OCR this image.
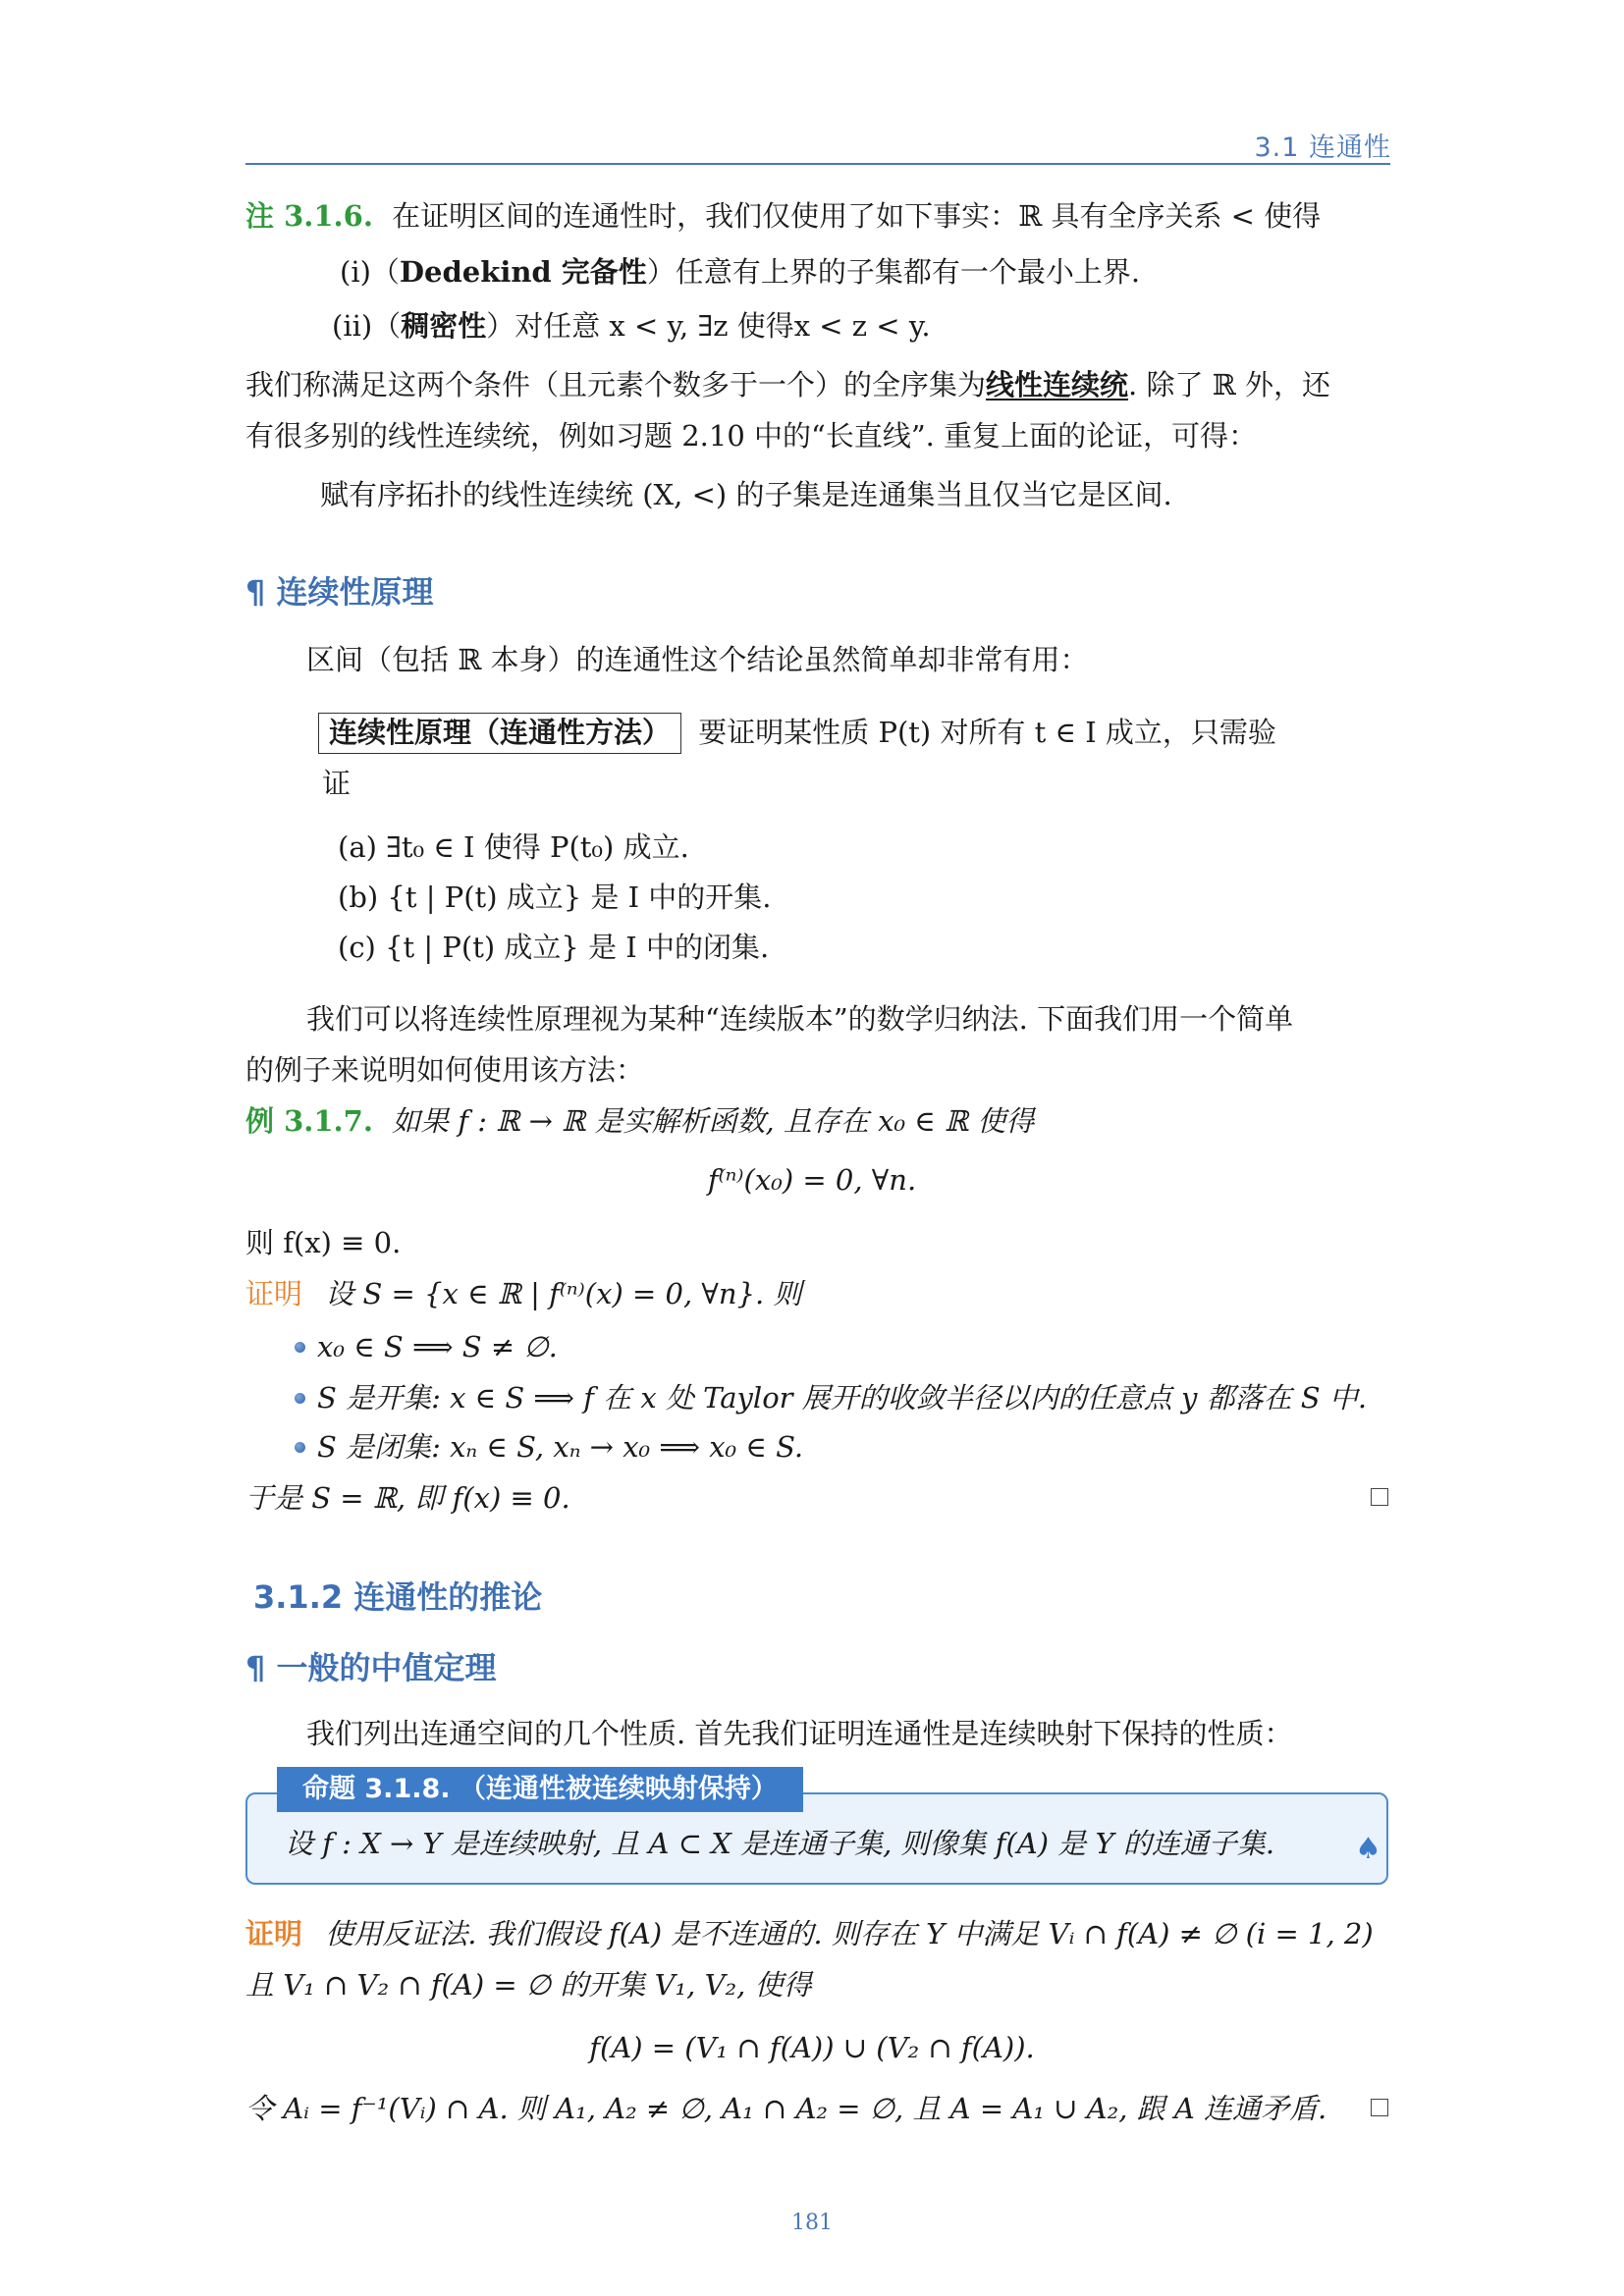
3.1 连通性
注 3.1.6. 在证明区间的连通性时，我们仅使用了如下事实：ℝ 具有全序关系 < 使得
(i)（Dedekind 完备性）任意有上界的子集都有一个最小上界.
(ii)（稠密性）对任意 x < y, ∃z 使得x < z < y.
我们称满足这两个条件（且元素个数多于一个）的全序集为线性连续统. 除了 ℝ 外，还
有很多别的线性连续统，例如习题 2.10 中的“长直线”. 重复上面的论证，可得：
赋有序拓扑的线性连续统 (X, <) 的子集是连通集当且仅当它是区间.
¶ 连续性原理
区间（包括 ℝ 本身）的连通性这个结论虽然简单却非常有用：
连续性原理（连通性方法） 要证明某性质 P(t) 对所有 t ∈ I 成立，只需验
证
(a) ∃t₀ ∈ I 使得 P(t₀) 成立.
(b) {t | P(t) 成立} 是 I 中的开集.
(c) {t | P(t) 成立} 是 I 中的闭集.
我们可以将连续性原理视为某种“连续版本”的数学归纳法. 下面我们用一个简单
的例子来说明如何使用该方法：
例 3.1.7. 如果 f : ℝ → ℝ 是实解析函数, 且存在 x₀ ∈ ℝ 使得
f⁽ⁿ⁾(x₀) = 0, ∀n.
则 f(x) ≡ 0.
证明 设 S = {x ∈ ℝ | f⁽ⁿ⁾(x) = 0, ∀n}. 则
x₀ ∈ S ⟹ S ≠ ∅.
S 是开集: x ∈ S ⟹ f 在 x 处 Taylor 展开的收敛半径以内的任意点 y 都落在 S 中.
S 是闭集: xₙ ∈ S, xₙ → x₀ ⟹ x₀ ∈ S.
于是 S = ℝ, 即 f(x) ≡ 0.
3.1.2 连通性的推论
¶ 一般的中值定理
我们列出连通空间的几个性质. 首先我们证明连通性是连续映射下保持的性质：
命题 3.1.8. （连通性被连续映射保持）
设 f : X → Y 是连续映射, 且 A ⊂ X 是连通子集, 则像集 f(A) 是 Y 的连通子集.	♠
证明 使用反证法. 我们假设 f(A) 是不连通的. 则存在 Y 中满足 Vᵢ ∩ f(A) ≠ ∅ (i = 1, 2)
且 V₁ ∩ V₂ ∩ f(A) = ∅ 的开集 V₁, V₂, 使得
f(A) = (V₁ ∩ f(A)) ∪ (V₂ ∩ f(A)).
令 Aᵢ = f⁻¹(Vᵢ) ∩ A. 则 A₁, A₂ ≠ ∅, A₁ ∩ A₂ = ∅, 且 A = A₁ ∪ A₂, 跟 A 连通矛盾.
181
